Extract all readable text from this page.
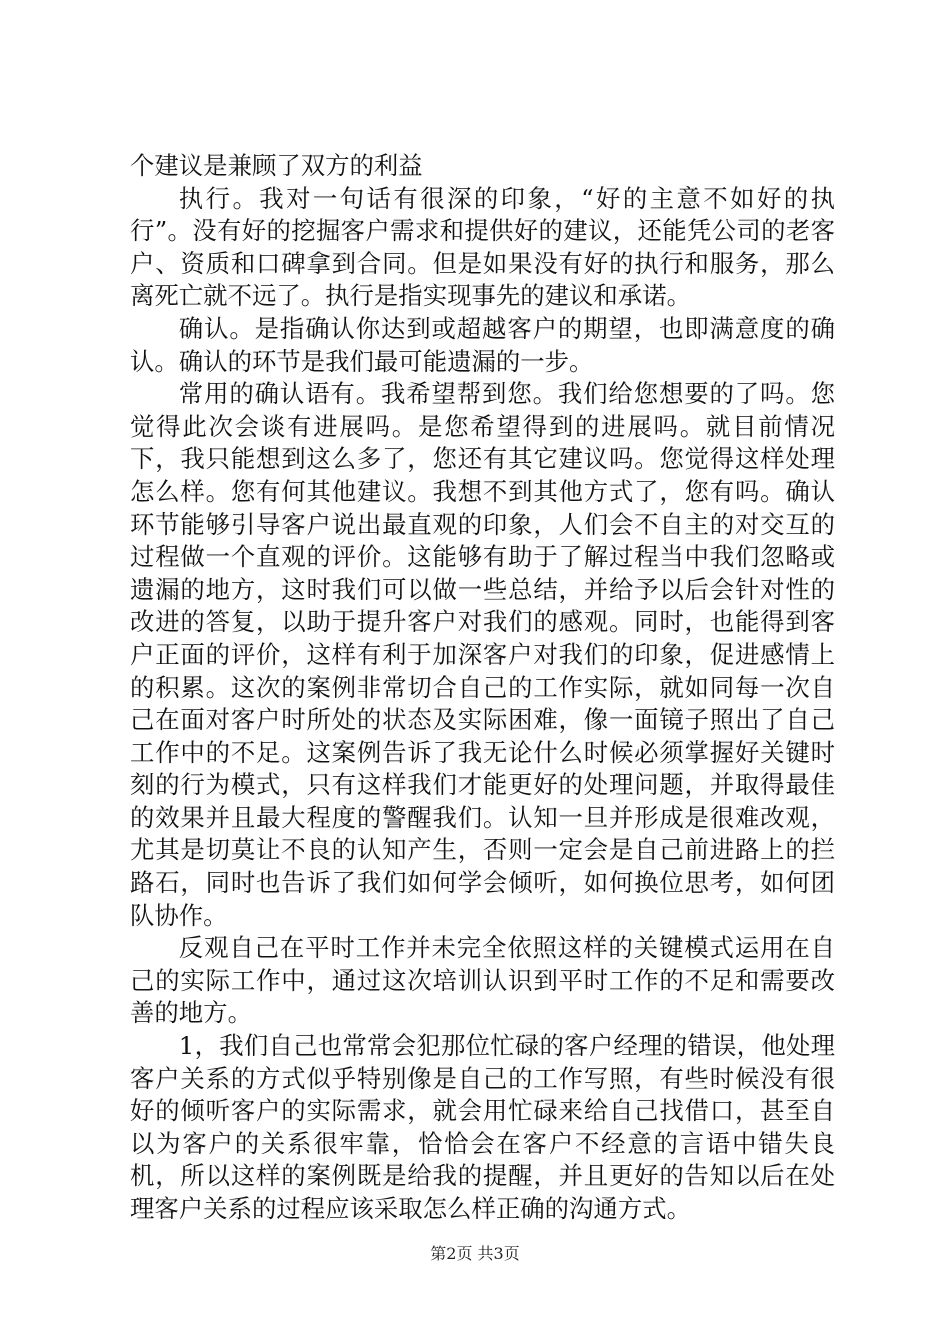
个建议是兼顾了双方的利益

执行。我对一句话有很深的印象，“好的主意不如好的执行”。没有好的挖掘客户需求和提供好的建议，还能凭公司的老客户、资质和口碑拿到合同。但是如果没有好的执行和服务，那么离死亡就不远了。执行是指实现事先的建议和承诺。

确认。是指确认你达到或超越客户的期望，也即满意度的确认。确认的环节是我们最可能遗漏的一步。

常用的确认语有。我希望帮到您。我们给您想要的了吗。您觉得此次会谈有进展吗。是您希望得到的进展吗。就目前情况下，我只能想到这么多了，您还有其它建议吗。您觉得这样处理怎么样。您有何其他建议。我想不到其他方式了，您有吗。确认环节能够引导客户说出最直观的印象，人们会不自主的对交互的过程做一个直观的评价。这能够有助于了解过程当中我们忽略或遗漏的地方，这时我们可以做一些总结，并给予以后会针对性的改进的答复，以助于提升客户对我们的感观。同时，也能得到客户正面的评价，这样有利于加深客户对我们的印象，促进感情上的积累。这次的案例非常切合自己的工作实际，就如同每一次自己在面对客户时所处的状态及实际困难，像一面镜子照出了自己工作中的不足。这案例告诉了我无论什么时候必须掌握好关键时刻的行为模式，只有这样我们才能更好的处理问题，并取得最佳的效果并且最大程度的警醒我们。认知一旦并形成是很难改观，尤其是切莫让不良的认知产生，否则一定会是自己前进路上的拦路石，同时也告诉了我们如何学会倾听，如何换位思考，如何团队协作。

反观自己在平时工作并未完全依照这样的关键模式运用在自己的实际工作中，通过这次培训认识到平时工作的不足和需要改善的地方。

1，我们自己也常常会犯那位忙碌的客户经理的错误，他处理客户关系的方式似乎特别像是自己的工作写照，有些时候没有很好的倾听客户的实际需求，就会用忙碌来给自己找借口，甚至自以为客户的关系很牢靠，恰恰会在客户不经意的言语中错失良机，所以这样的案例既是给我的提醒，并且更好的告知以后在处理客户关系的过程应该采取怎么样正确的沟通方式。

第2页 共3页
